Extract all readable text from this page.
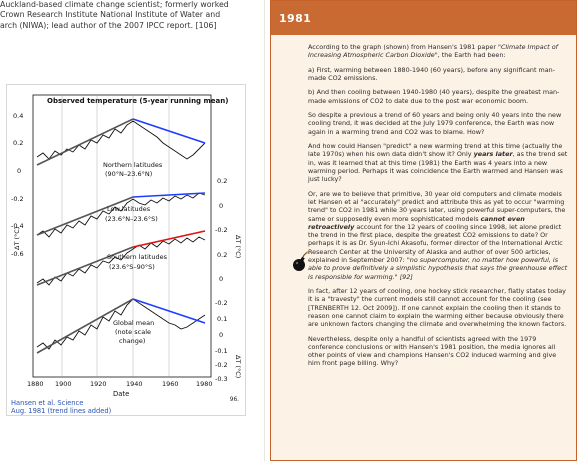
Auckland-based climate change scientist; formerly worked
Crown Research Institute National Institute of Water and
arch (NIWA); lead author of the 2007 IPCC report. [106]
Observed temperature (5-year running mean)
0.4
0.2
0
-0.2
-0.4
-0.6
ΔT (°C)
0.2
0
-0.2
0.2
0
-0.2
0.1
0
-0.1
-0.2
-0.3
ΔT (°C)
ΔT (°C)
Northern latitudes
(90°N–23.6°N)
Low latitudes
(23.6°N–23.6°S)
Southern latitudes
(23.6°S–90°S)
Global mean
(note scale
change)
1880 1900	1920	1940	1960	1980
Date
Hansen et al. Science
Aug. 1981 (trend lines added)
96.
1981

According to the graph (shown) from Hansen's 1981 paper "Climate Impact of Increasing Atmospheric Carbon Dioxide", the Earth had been:

a) First, warming between 1880-1940 (60 years), before any significant man-made CO2 emissions.

b) And then cooling between 1940-1980 (40 years), despite the greatest man-made emissions of CO2 to date due to the post war economic boom.

So despite a previous a trend of 60 years and being only 40 years into the new cooling trend, it was decided at the July 1979 conference, the Earth was now again in a warming trend and CO2 was to blame. How?

And how could Hansen "predict" a new warming trend at this time (actually the late 1970s) when his own data didn't show it? Only years later, as the trend set in, was it learned that at this time (1981) the Earth was 4 years into a new warming period. Perhaps it was coincidence the Earth warmed and Hansen was just lucky?

Or, are we to believe that primitive, 30 year old computers and climate models let Hansen et al "accurately" predict and attribute this as yet to occur "warming trend" to CO2 in 1981 while 30 years later, using powerful super-computers, the same or supposedly even more sophisticated models cannot even retroactively account for the 12 years of cooling since 1998, let alone predict the trend in the first place, despite the greatest CO2 emissions to date? Or perhaps it is as Dr. Syun-Ichi Akasofu, former director of the International Arctic Research Center at the University of Alaska and author of over 500 articles, explained in September 2007: "no supercomputer, no matter how powerful, is able to prove definitively a simplistic hypothesis that says the greenhouse effect is responsible for warming." [92]

In fact, after 12 years of cooling, one hockey stick researcher, flatly states today it is a "travesty" the current models still cannot account for the cooling (see [TRENBERTH 12. Oct 2009]). If one cannot explain the cooling then it stands to reason one cannot claim to explain the warming either because obviously there are unknown factors changing the climate and overwhelming the known factors.

Nevertheless, despite only a handful of scientists agreed with the 1979 conference conclusions or with Hansen's 1981 position, the media ignores all other points of view and champions Hansen's CO2 induced warming and give him front page billing. Why?
